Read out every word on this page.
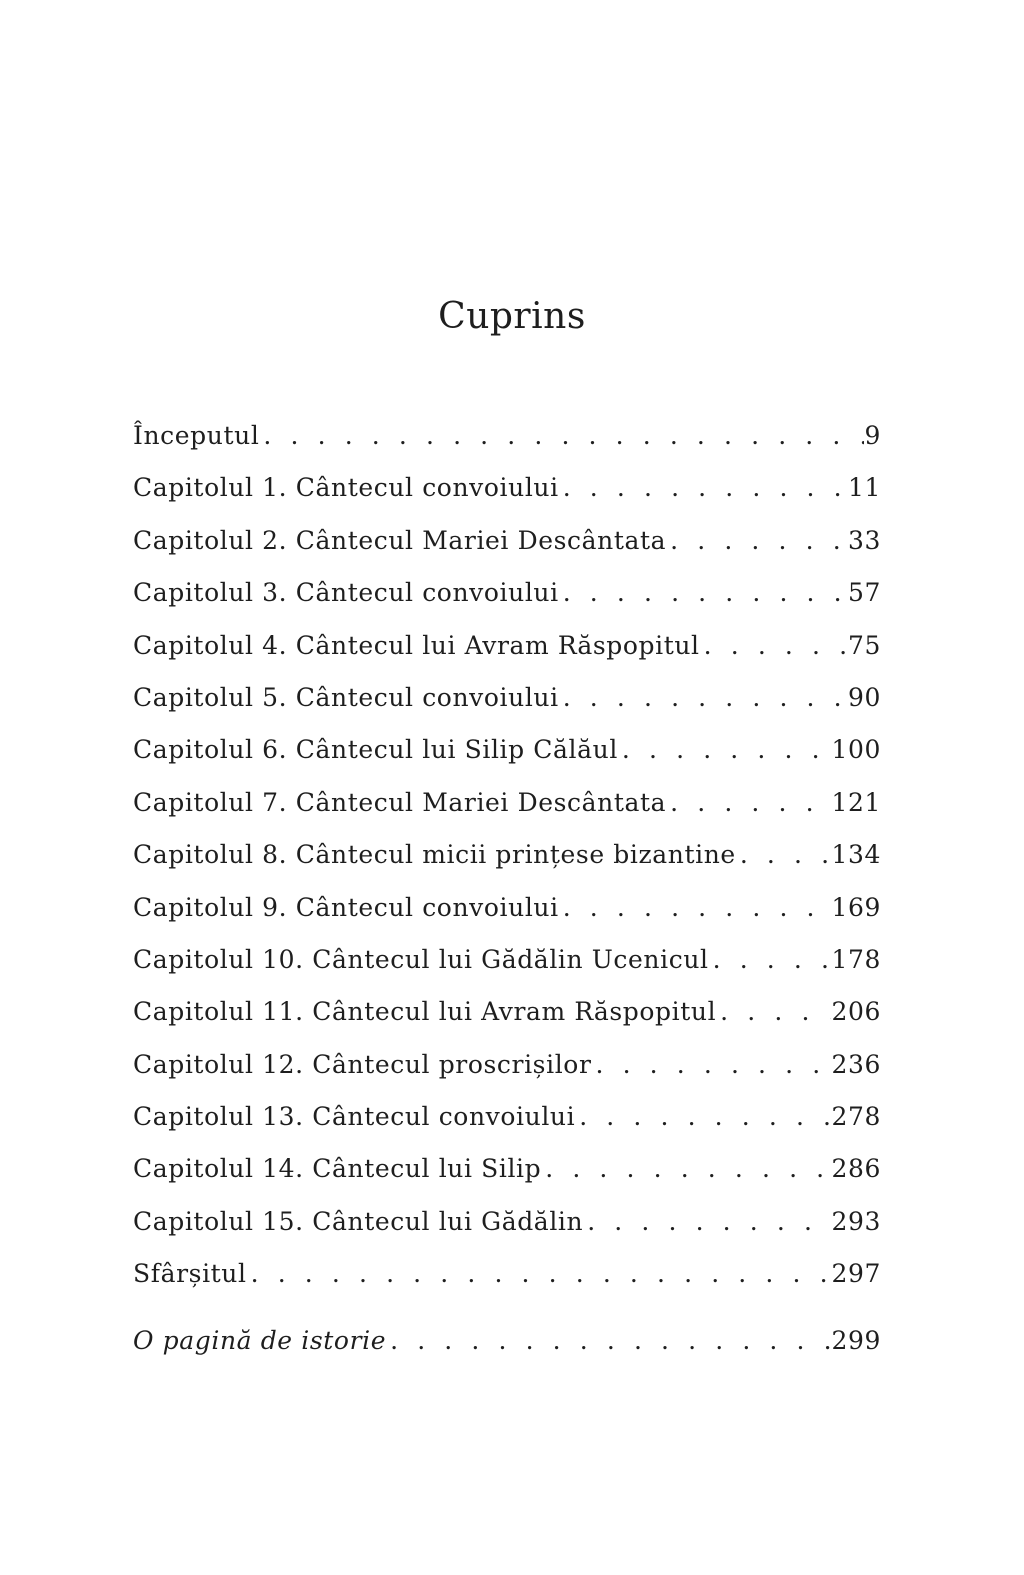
Cuprins
Începutul . . .	9
Capitolul 1. Cântecul convoiului . . .	11
Capitolul 2. Cântecul Mariei Descântata . . .	33
Capitolul 3. Cântecul convoiului . . .	57
Capitolul 4. Cântecul lui Avram Răspopitul . . .	75
Capitolul 5. Cântecul convoiului . . .	90
Capitolul 6. Cântecul lui Silip Călăul . . .	100
Capitolul 7. Cântecul Mariei Descântata . . .	121
Capitolul 8. Cântecul micii prințese bizantine . . .	134
Capitolul 9. Cântecul convoiului . . .	169
Capitolul 10. Cântecul lui Gădălin Ucenicul . . .	178
Capitolul 11. Cântecul lui Avram Răspopitul . . .	206
Capitolul 12. Cântecul proscrișilor . . .	236
Capitolul 13. Cântecul convoiului . . .	278
Capitolul 14. Cântecul lui Silip . . .	286
Capitolul 15. Cântecul lui Gădălin . . .	293
Sfârșitul . . .	297
O pagină de istorie . . .	299
